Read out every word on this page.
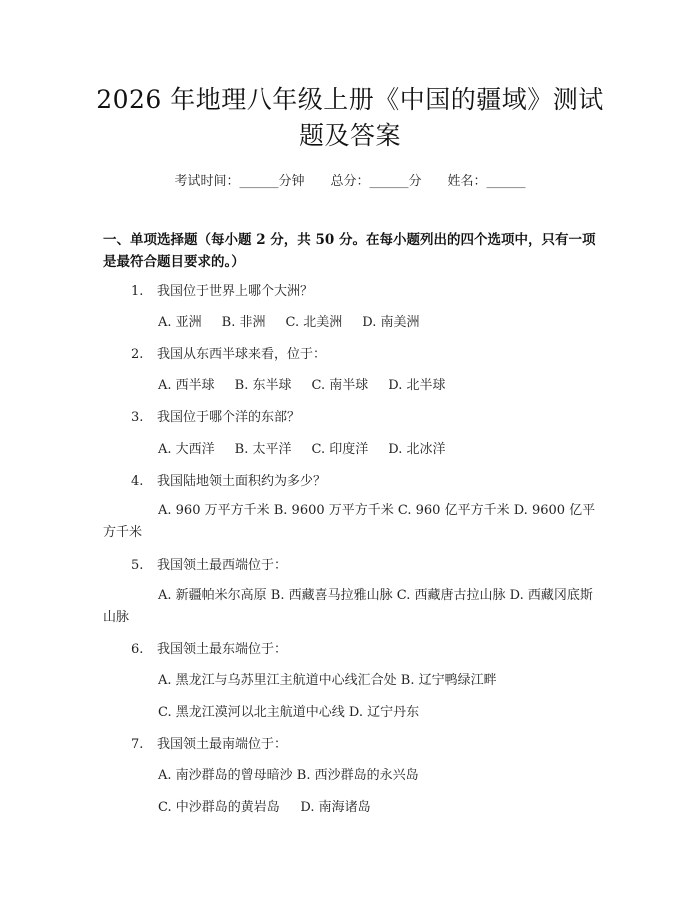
2026 年地理八年级上册《中国的疆域》测试
题及答案
考试时间：______分钟 总分：______分 姓名：______
一、单项选择题（每小题 2 分，共 50 分。在每小题列出的四个选项中，只有一项是最符合题目要求的。）
1. 我国位于世界上哪个大洲？
A. 亚洲 B. 非洲 C. 北美洲 D. 南美洲
2. 我国从东西半球来看，位于：
A. 西半球 B. 东半球 C. 南半球 D. 北半球
3. 我国位于哪个洋的东部？
A. 大西洋 B. 太平洋 C. 印度洋 D. 北冰洋
4. 我国陆地领土面积约为多少？
A. 960 万平方千米 B. 9600 万平方千米 C. 960 亿平方千米 D. 9600 亿平方千米
5. 我国领土最西端位于：
A. 新疆帕米尔高原 B. 西藏喜马拉雅山脉 C. 西藏唐古拉山脉 D. 西藏冈底斯山脉
6. 我国领土最东端位于：
A. 黑龙江与乌苏里江主航道中心线汇合处 B. 辽宁鸭绿江畔
C. 黑龙江漠河以北主航道中心线 D. 辽宁丹东
7. 我国领土最南端位于：
A. 南沙群岛的曾母暗沙 B. 西沙群岛的永兴岛
C. 中沙群岛的黄岩岛     D. 南海诸岛
